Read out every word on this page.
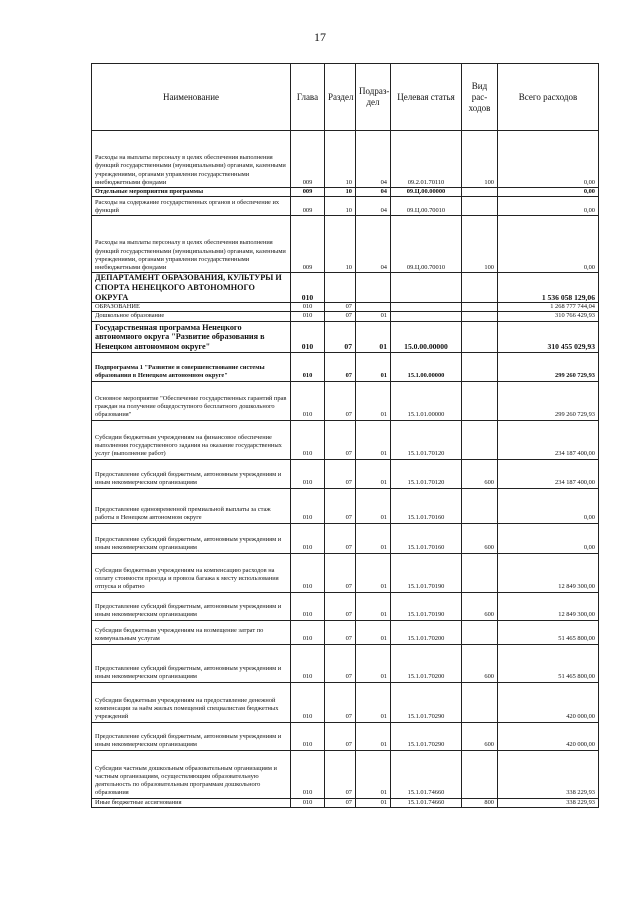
17
Наименование	Глава	Раздел	Подраз-дел	Целевая статья	Вид рас-ходов	Всего расходов
Расходы на выплаты персоналу в целях обеспечения выполнения функций государственными (муниципальными) органами, казенными учреждениями, органами управления государственными внебюджетными фондами	009	10	04	09.2.01.70110	100	0,00
Отдельные мероприятия программы	009	10	04	09.Ц.00.00000		0,00
Расходы на содержание государственных органов и обеспечение их функций	009	10	04	09.Ц.00.70010		0,00
Расходы на выплаты персоналу в целях обеспечения выполнения функций государственными (муниципальными) органами, казенными учреждениями, органами управления государственными внебюджетными фондами	009	10	04	09.Ц.00.70010	100	0,00
ДЕПАРТАМЕНТ ОБРАЗОВАНИЯ, КУЛЬТУРЫ И СПОРТА НЕНЕЦКОГО АВТОНОМНОГО ОКРУГА	010					1 536 058 129,06
ОБРАЗОВАНИЕ	010	07				1 268 777 744,04
Дошкольное образование	010	07	01			310 766 429,93
Государственная программа Ненецкого автономного округа "Развитие образования в Ненецком автономном округе"	010	07	01	15.0.00.00000		310 455 029,93
Подпрограмма 1 "Развитие и совершенствование системы образования в Ненецком автономном округе"	010	07	01	15.1.00.00000		299 260 729,93
Основное мероприятие "Обеспечение государственных гарантий прав граждан на получение общедоступного бесплатного дошкольного образования"	010	07	01	15.1.01.00000		299 260 729,93
Субсидии бюджетным учреждениям на финансовое обеспечение выполнения государственного задания на оказание государственных услуг (выполнение работ)	010	07	01	15.1.01.70120		234 187 400,00
Предоставление субсидий бюджетным, автономным учреждениям и иным некоммерческим организациям	010	07	01	15.1.01.70120	600	234 187 400,00
Предоставление единовременной премиальной выплаты за стаж работы в Ненецком автономном округе	010	07	01	15.1.01.70160		0,00
Предоставление субсидий бюджетным, автономным учреждениям и иным некоммерческим организациям	010	07	01	15.1.01.70160	600	0,00
Субсидии бюджетным учреждениям на компенсацию расходов на оплату стоимости проезда и провоза багажа к месту использования отпуска и обратно	010	07	01	15.1.01.70190		12 849 300,00
Предоставление субсидий бюджетным, автономным учреждениям и иным некоммерческим организациям	010	07	01	15.1.01.70190	600	12 849 300,00
Субсидии бюджетным учреждениям на возмещение затрат по коммунальным услугам	010	07	01	15.1.01.70200		51 465 800,00
Предоставление субсидий бюджетным, автономным учреждениям и иным некоммерческим организациям	010	07	01	15.1.01.70200	600	51 465 800,00
Субсидии бюджетным учреждениям на предоставление денежной компенсации за наём жилых помещений специалистам бюджетных учреждений	010	07	01	15.1.01.70290		420 000,00
Предоставление субсидий бюджетным, автономным учреждениям и иным некоммерческим организациям	010	07	01	15.1.01.70290	600	420 000,00
Субсидии частным дошкольным образовательным организациям и частным организациям, осуществляющим образовательную деятельность по образовательным программам дошкольного образования	010	07	01	15.1.01.74660		338 229,93
Иные бюджетные ассигнования	010	07	01	15.1.01.74660	800	338 229,93
